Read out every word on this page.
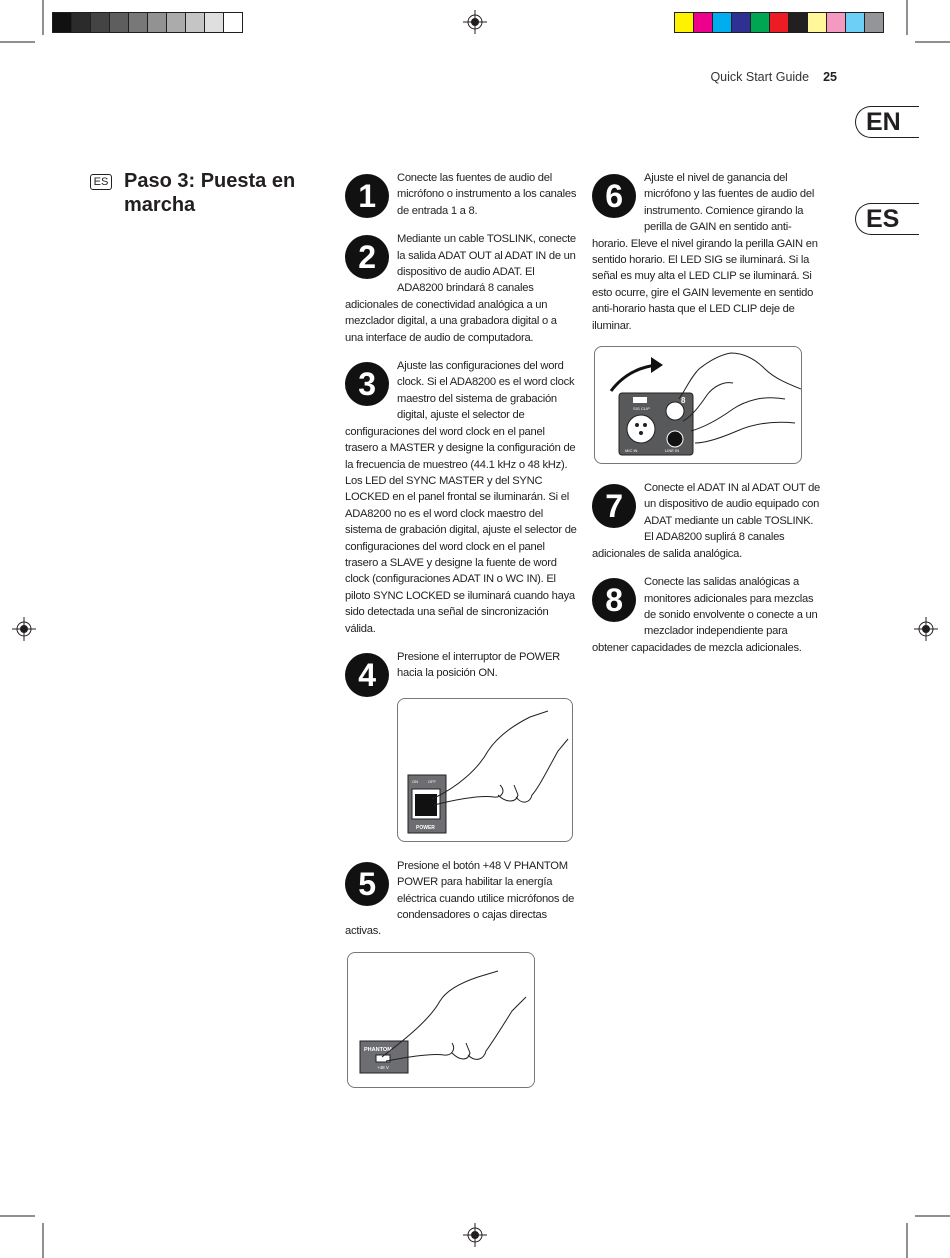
Quick Start Guide 25
EN
ES
ES Paso 3: Puesta en marcha	1	Conecte las fuentes de audio del micrófono o instrumento a los canales de entrada 1 a 8.
2	Mediante un cable TOSLINK, conecte la salida ADAT OUT al ADAT IN de un dispositivo de audio ADAT. El ADA8200 brindará 8 canales adicionales de conectividad analógica a un mezclador digital, a una grabadora digital o a una interface de audio de computadora.
3	Ajuste las configuraciones del word clock. Si el ADA8200 es el word clock maestro del sistema de grabación digital, ajuste el selector de configuraciones del word clock en el panel trasero a MASTER y designe la configuración de la frecuencia de muestreo (44.1 kHz o 48 kHz). Los LED del SYNC MASTER y del SYNC LOCKED en el panel frontal se iluminarán. Si el ADA8200 no es el word clock maestro del sistema de grabación digital, ajuste el selector de configuraciones del word clock en el panel trasero a SLAVE y designe la fuente de word clock (configuraciones ADAT IN o WC IN). El piloto SYNC LOCKED se iluminará cuando haya sido detectada una señal de sincronización válida.
4	Presione el interruptor de POWER hacia la posición ON.
ON	OFF
POWER
5	Presione el botón +48 V PHANTOM POWER para habilitar la energía eléctrica cuando utilice micrófonos de condensadores o cajas directas activas.
PHANTOM
+48 V
6	Ajuste el nivel de ganancia del micrófono y las fuentes de audio del instrumento. Comience girando la perilla de GAIN en sentido anti-horario. Eleve el nivel girando la perilla GAIN en sentido horario. El LED SIG se iluminará. Si la señal es muy alta el LED CLIP se iluminará. Si esto ocurre, gire el GAIN levemente en sentido anti-horario hasta que el LED CLIP deje de iluminar.
SIG CLIP
8
MIC IN	LINE IN
7	Conecte el ADAT IN al ADAT OUT de un dispositivo de audio equipado con ADAT mediante un cable TOSLINK. El ADA8200 suplirá 8 canales adicionales de salida analógica.
8	Conecte las salidas analógicas a monitores adicionales para mezclas de sonido envolvente o conecte a un mezclador independiente para obtener capacidades de mezcla adicionales.
